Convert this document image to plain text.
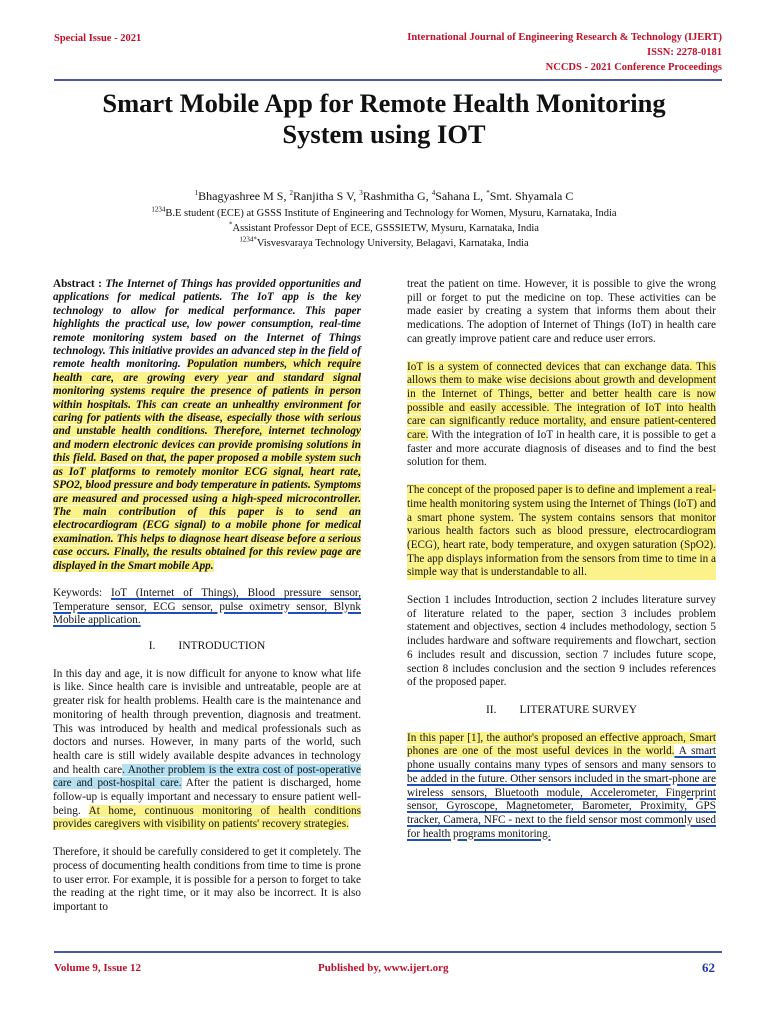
Special Issue - 2021	International Journal of Engineering Research & Technology (IJERT)
ISSN: 2278-0181
NCCDS - 2021 Conference Proceedings
Smart Mobile App for Remote Health Monitoring
System using IOT
$^1$Bhagyashree M S, $^2$Ranjitha S V, $^3$Rashmitha G, $^4$Sahana L, *Smt. Shyamala C
$^{1234}$B.E student (ECE) at GSSS Institute of Engineering and Technology for Women, Mysuru, Karnataka, India
*Assistant Professor Dept of ECE, GSSSIETW, Mysuru, Karnataka, India
$^{1234*}$Visvesvaraya Technology University, Belagavi, Karnataka, India

Abstract : The Internet of Things has provided opportunities and applications for medical patients. The IoT app is the key technology to allow for medical performance. This paper highlights the practical use, low power consumption, real-time remote monitoring system based on the Internet of Things technology. This initiative provides an advanced step in the field of remote health monitoring. Population numbers, which require health care, are growing every year and standard signal monitoring systems require the presence of patients in person within hospitals. This can create an unhealthy environment for caring for patients with the disease, especially those with serious and unstable health conditions. Therefore, internet technology and modern electronic devices can provide promising solutions in this field. Based on that, the paper proposed a mobile system such as IoT platforms to remotely monitor ECG signal, heart rate, SPO2, blood pressure and body temperature in patients. Symptoms are measured and processed using a high-speed microcontroller. The main contribution of this paper is to send an electrocardiogram (ECG signal) to a mobile phone for medical examination. This helps to diagnose heart disease before a serious case occurs. Finally, the results obtained for this review page are displayed in the Smart mobile App.

Keywords: IoT (Internet of Things), Blood pressure sensor, Temperature sensor, ECG sensor, pulse oximetry sensor, Blynk Mobile application.

I.  INTRODUCTION

In this day and age, it is now difficult for anyone to know what life is like. Since health care is invisible and untreatable, people are at greater risk for health problems. Health care is the maintenance and monitoring of health through prevention, diagnosis and treatment. This was introduced by health and medical professionals such as doctors and nurses. However, in many parts of the world, such health care is still widely available despite advances in technology and health care. Another problem is the extra cost of post-operative care and post-hospital care. After the patient is discharged, home follow-up is equally important and necessary to ensure patient well-being. At home, continuous monitoring of health conditions provides caregivers with visibility on patients' recovery strategies.

Therefore, it should be carefully considered to get it completely. The process of documenting health conditions from time to time is prone to user error. For example, it is possible for a person to forget to take the reading at the right time, or it may also be incorrect. It is also important to

treat the patient on time. However, it is possible to give the wrong pill or forget to put the medicine on top. These activities can be made easier by creating a system that informs them about their medications. The adoption of Internet of Things (IoT) in health care can greatly improve patient care and reduce user errors.

IoT is a system of connected devices that can exchange data. This allows them to make wise decisions about growth and development in the Internet of Things, better and better health care is now possible and easily accessible. The integration of IoT into health care can significantly reduce mortality, and ensure patient-centered care. With the integration of IoT in health care, it is possible to get a faster and more accurate diagnosis of diseases and to find the best solution for them.

The concept of the proposed paper is to define and implement a real-time health monitoring system using the Internet of Things (IoT) and a smart phone system. The system contains sensors that monitor various health factors such as blood pressure, electrocardiogram (ECG), heart rate, body temperature, and oxygen saturation (SpO2). The app displays information from the sensors from time to time in a simple way that is understandable to all.

Section 1 includes Introduction, section 2 includes literature survey of literature related to the paper, section 3 includes problem statement and objectives, section 4 includes methodology, section 5 includes hardware and software requirements and flowchart, section 6 includes result and discussion, section 7 includes future scope, section 8 includes conclusion and the section 9 includes references of the proposed paper.

II.  LITERATURE SURVEY

In this paper [1], the author's proposed an effective approach, Smart phones are one of the most useful devices in the world. A smart phone usually contains many types of sensors and many sensors to be added in the future. Other sensors included in the smart-phone are wireless sensors, Bluetooth module, Accelerometer, Fingerprint sensor, Gyroscope, Magnetometer, Barometer, Proximity, GPS tracker, Camera, NFC - next to the field sensor most commonly used for health programs monitoring.

Volume 9, Issue 12	Published by, www.ijert.org	62
